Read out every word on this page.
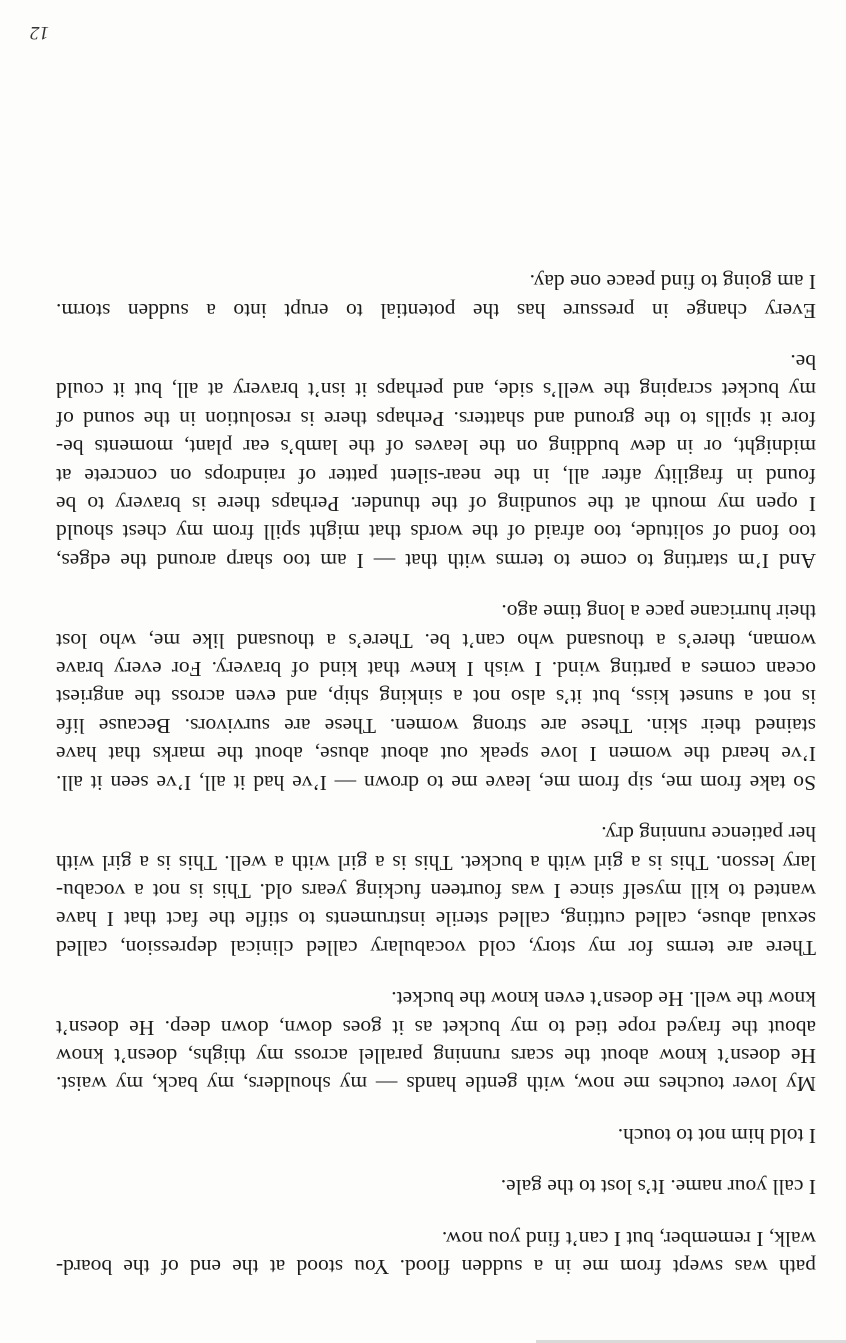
path was swept from me in a sudden flood. You stood at the end of the board-
walk, I remember, but I can’t find you now.

I call your name. It’s lost to the gale.

I told him not to touch.

My lover touches me now, with gentle hands — my shoulders, my back, my waist.
He doesn’t know about the scars running parallel across my thighs, doesn’t know
about the frayed rope tied to my bucket as it goes down, down deep. He doesn’t
know the well. He doesn’t even know the bucket.

There are terms for my story, cold vocabulary called clinical depression, called
sexual abuse, called cutting, called sterile instruments to stifle the fact that I have
wanted to kill myself since I was fourteen fucking years old. This is not a vocabu-
lary lesson. This is a girl with a bucket. This is a girl with a well. This is a girl with
her patience running dry.

So take from me, sip from me, leave me to drown — I’ve had it all, I’ve seen it all.
I’ve heard the women I love speak out about abuse, about the marks that have
stained their skin. These are strong women. These are survivors. Because life
is not a sunset kiss, but it’s also not a sinking ship, and even across the angriest
ocean comes a parting wind. I wish I knew that kind of bravery. For every brave
woman, there’s a thousand who can’t be. There’s a thousand like me, who lost
their hurricane pace a long time ago.

And I’m starting to come to terms with that — I am too sharp around the edges,
too fond of solitude, too afraid of the words that might spill from my chest should
I open my mouth at the sounding of the thunder. Perhaps there is bravery to be
found in fragility after all, in the near-silent patter of raindrops on concrete at
midnight, or in dew budding on the leaves of the lamb’s ear plant, moments be-
fore it spills to the ground and shatters. Perhaps there is resolution in the sound of
my bucket scraping the well’s side, and perhaps it isn’t bravery at all, but it could
be.

Every change in pressure has the potential to erupt into a sudden storm.
I am going to find peace one day.

12
